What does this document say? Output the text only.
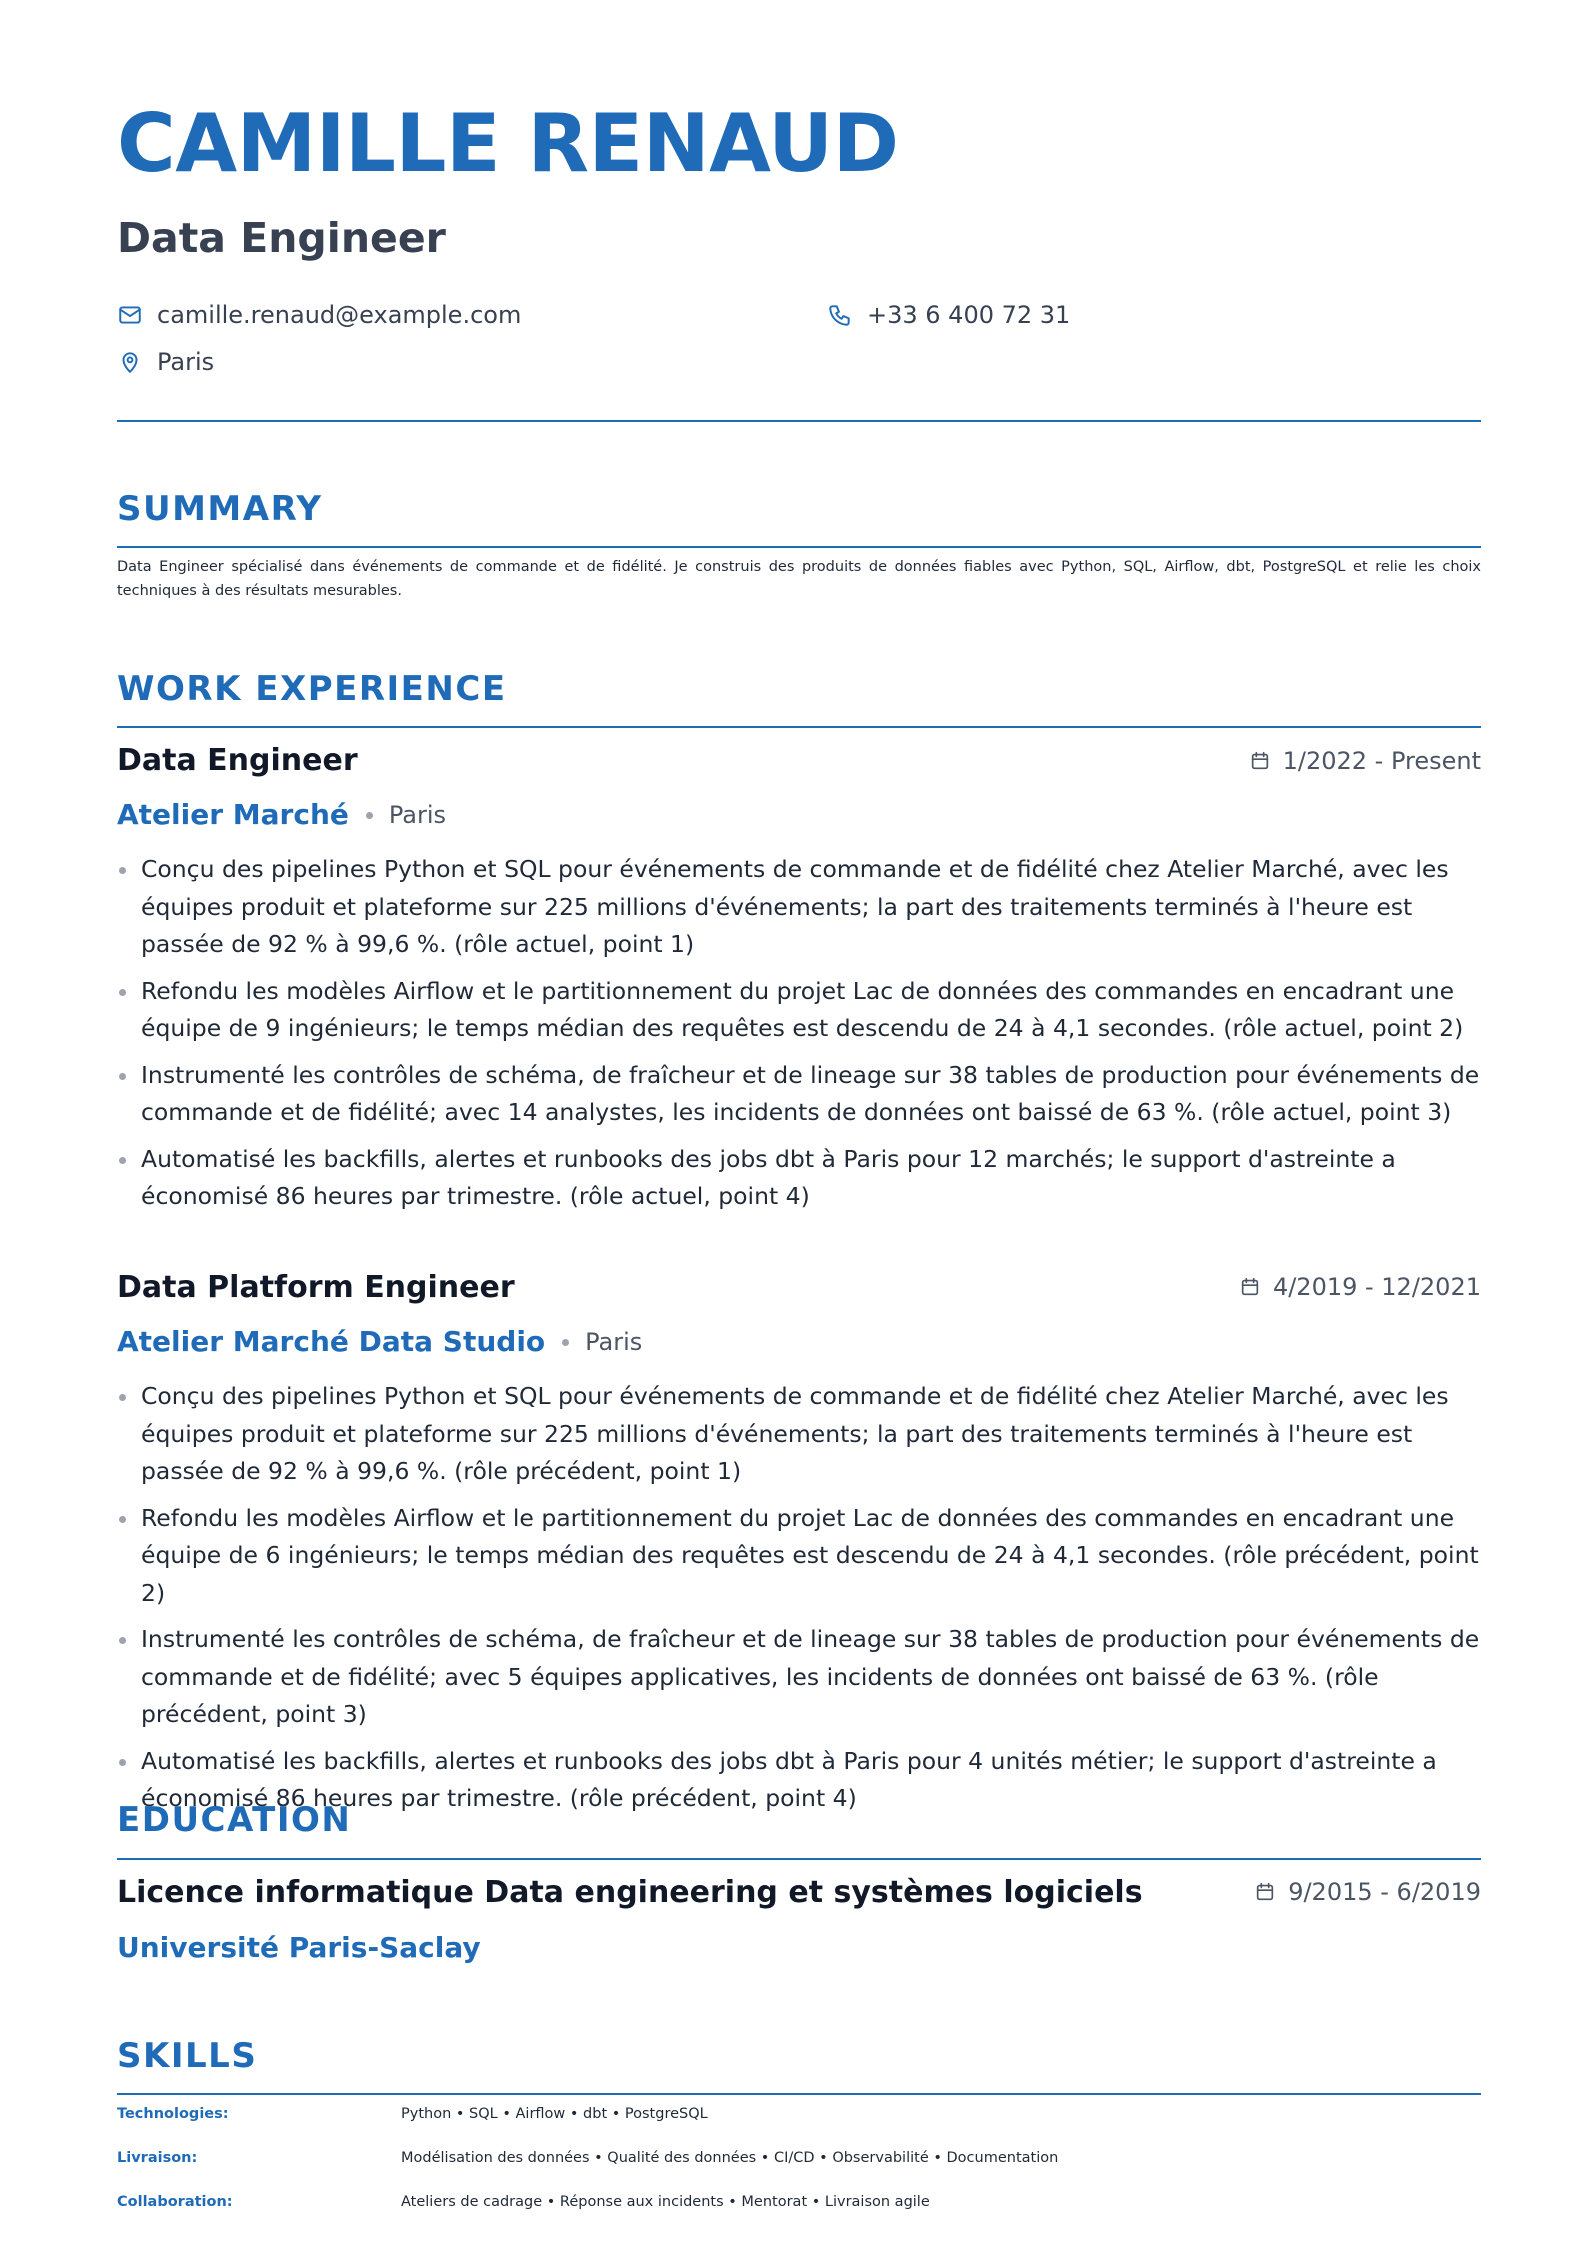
CAMILLE RENAUD
Data Engineer
camille.renaud@example.com	+33 6 400 72 31
Paris
SUMMARY

Data Engineer spécialisé dans événements de commande et de fidélité. Je construis des produits de données fiables avec Python, SQL, Airflow, dbt, PostgreSQL et relie les choix techniques à des résultats mesurables.

WORK EXPERIENCE
Data Engineer	1/2022 - Present
Atelier Marché Paris
Conçu des pipelines Python et SQL pour événements de commande et de fidélité chez Atelier Marché, avec les équipes produit et plateforme sur 225 millions d'événements; la part des traitements terminés à l'heure est passée de 92 % à 99,6 %. (rôle actuel, point 1)
Refondu les modèles Airflow et le partitionnement du projet Lac de données des commandes en encadrant une équipe de 9 ingénieurs; le temps médian des requêtes est descendu de 24 à 4,1 secondes. (rôle actuel, point 2)
Instrumenté les contrôles de schéma, de fraîcheur et de lineage sur 38 tables de production pour événements de commande et de fidélité; avec 14 analystes, les incidents de données ont baissé de 63 %. (rôle actuel, point 3)
Automatisé les backfills, alertes et runbooks des jobs dbt à Paris pour 12 marchés; le support d'astreinte a économisé 86 heures par trimestre. (rôle actuel, point 4)
Data Platform Engineer	4/2019 - 12/2021
Atelier Marché Data Studio Paris
Conçu des pipelines Python et SQL pour événements de commande et de fidélité chez Atelier Marché, avec les équipes produit et plateforme sur 225 millions d'événements; la part des traitements terminés à l'heure est passée de 92 % à 99,6 %. (rôle précédent, point 1)
Refondu les modèles Airflow et le partitionnement du projet Lac de données des commandes en encadrant une équipe de 6 ingénieurs; le temps médian des requêtes est descendu de 24 à 4,1 secondes. (rôle précédent, point 2)
Instrumenté les contrôles de schéma, de fraîcheur et de lineage sur 38 tables de production pour événements de commande et de fidélité; avec 5 équipes applicatives, les incidents de données ont baissé de 63 %. (rôle précédent, point 3)
Automatisé les backfills, alertes et runbooks des jobs dbt à Paris pour 4 unités métier; le support d'astreinte a économisé 86 heures par trimestre. (rôle précédent, point 4)
EDUCATION
Licence informatique Data engineering et systèmes logiciels	9/2015 - 6/2019
Université Paris-Saclay
SKILLS
Technologies:	Python • SQL • Airflow • dbt • PostgreSQL
Livraison:	Modélisation des données • Qualité des données • CI/CD • Observabilité • Documentation
Collaboration:	Ateliers de cadrage • Réponse aux incidents • Mentorat • Livraison agile
